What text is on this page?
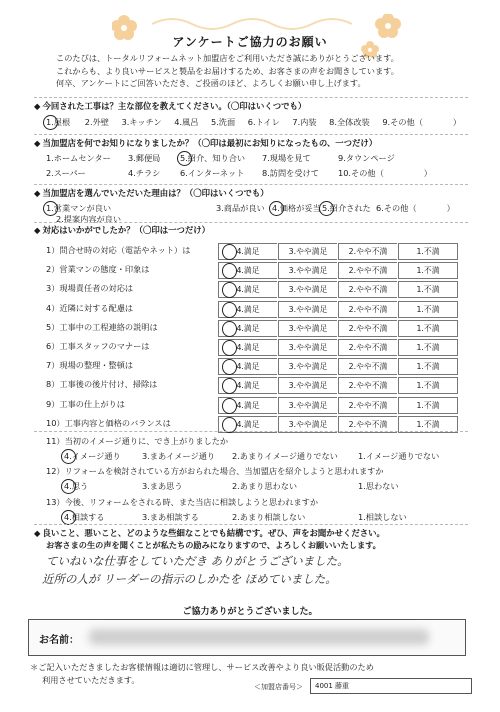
アンケートご協力のお願い
このたびは、トータルリフォームネット加盟店をご利用いただき誠にありがとうございます。
これからも、より良いサービスと製品をお届けするため、お客さまの声をお聞きしています。
何卒、アンケートにご回答いただき、ご投函のほど、よろしくお願い申し上げます。
◆ 今回された工事は？主な部位を教えてください。（〇印はいくつでも）
1.屋根 2.外壁 3.キッチン 4.風呂 5.洗面 6.トイレ 7.内装 8.全体改装 9.その他（	）
◆ 当加盟店を何でお知りになりましたか？（〇印は最初にお知りになったもの、一つだけ）
1.ホームセンター 3.郵便局 5.紹介、知り合い 7.現場を見て	9.タウンページ
2.スーパー	4.チラシ 6.インターネット 8.訪問を受けて 10.その他（	）
◆ 当加盟店を選んでいただいた理由は？（〇印はいくつでも）
1.営業マンが良い	3.商品が良い 4.価格が妥当 5.紹介された 6.その他（	）
2.提案内容が良い
◆ 対応はいかがでしたか？（〇印は一つだけ）
1）問合せ時の対応（電話やネット）は	4.満足	3.やや満足	2.やや不満	1.不満
2）営業マンの態度・印象は	4.満足	3.やや満足	2.やや不満	1.不満
3）現場責任者の対応は	4.満足	3.やや満足	2.やや不満	1.不満
4）近隣に対する配慮は	4.満足	3.やや満足	2.やや不満	1.不満
5）工事中の工程連絡の説明は	4.満足	3.やや満足	2.やや不満	1.不満
6）工事スタッフのマナーは	4.満足	3.やや満足	2.やや不満	1.不満
7）現場の整理・整頓は	4.満足	3.やや満足	2.やや不満	1.不満
8）工事後の後片付け、掃除は	4.満足	3.やや満足	2.やや不満	1.不満
9）工事の仕上がりは	4.満足	3.やや満足	2.やや不満	1.不満
10）工事内容と価格のバランスは	4.満足	3.やや満足	2.やや不満	1.不満
11）当初のイメージ通りに、でき上がりましたか
4.イメージ通り	3.まあイメージ通り 2.あまりイメージ通りでない 1.イメージ通りでない
12）リフォームを検討されている方がおられた場合、当加盟店を紹介しようと思われますか
4.思う	3.まあ思う	2.あまり思わない	1.思わない
13）今後、リフォームをされる時、また当店に相談しようと思われますか
4.相談する	3.まあ相談する	2.あまり相談しない	1.相談しない
◆ 良いこと、悪いこと、どのような些細なことでも結構です。ぜひ、声をお聞かせください。
お客さまの生の声を聞くことが私たちの励みになりますので、よろしくお願いいたします。
ていねいな仕事をしていただき ありがとうございました。
近所の人が リーダーの指示のしかたを ほめていました。
ご協力ありがとうございました。
お名前：
＊ご記入いただきましたお客様情報は適切に管理し、サービス改善やより良い販促活動のため
利用させていただきます。
＜加盟店番号＞	4001 藤重
